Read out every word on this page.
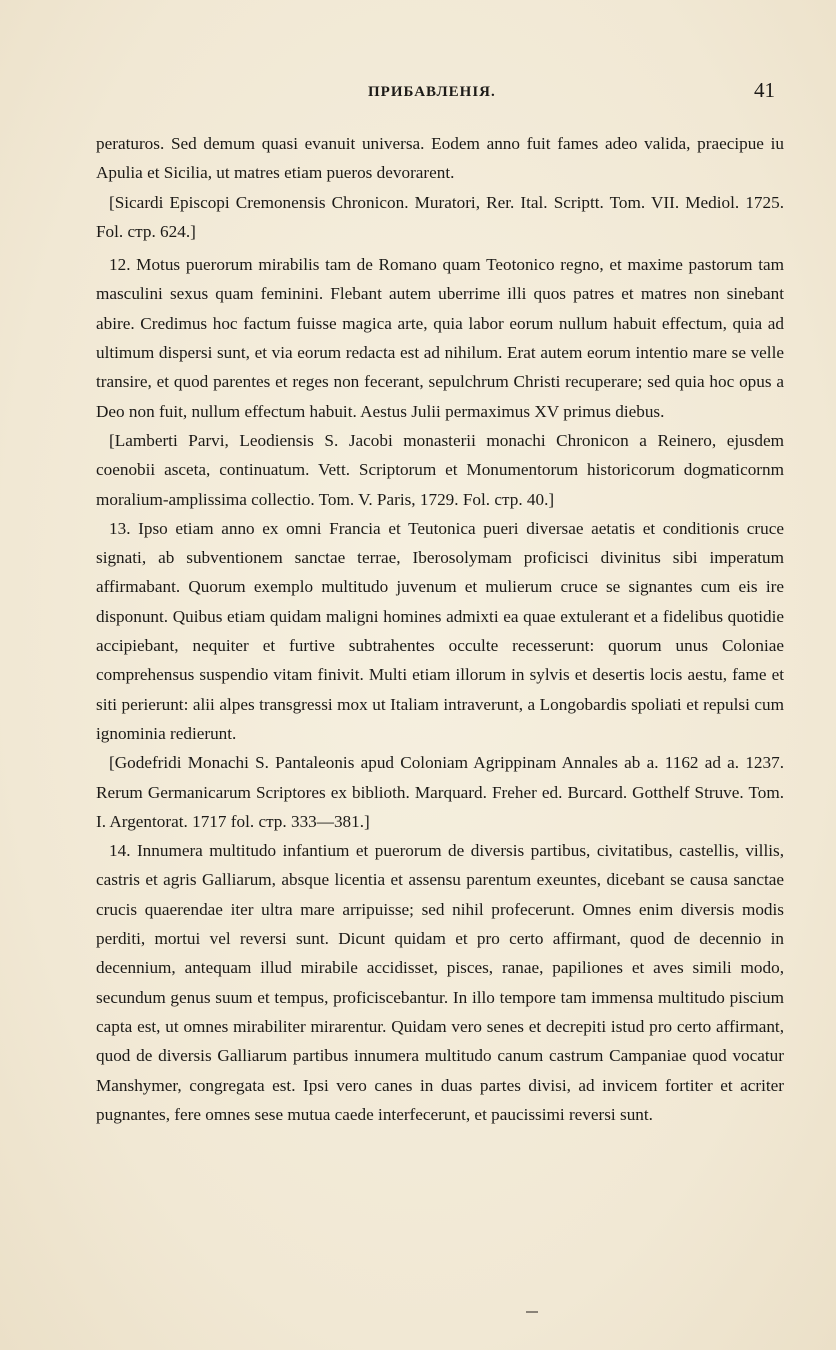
ПРИБАВЛЕНІЯ.	41

peraturos. Sed demum quasi evanuit universa. Eodem anno fuit fames adeo valida, praecipue iu Apulia et Sicilia, ut matres etiam pueros devorarent.

[Sicardi Episcopi Cremonensis Chronicon. Muratori, Rer. Ital. Scriptt. Tom. VII. Mediol. 1725. Fol. стр. 624.]

12. Motus puerorum mirabilis tam de Romano quam Teotonico regno, et maxime pastorum tam masculini sexus quam feminini. Flebant autem uberrime illi quos patres et matres non sinebant abire. Credimus hoc factum fuisse magica arte, quia labor eorum nullum habuit effectum, quia ad ultimum dispersi sunt, et via eorum redacta est ad nihilum. Erat autem eorum intentio mare se velle transire, et quod parentes et reges non fecerant, sepulchrum Christi recuperare; sed quia hoc opus a Deo non fuit, nullum effectum habuit. Aestus Julii permaximus XV primus diebus.

[Lamberti Parvi, Leodiensis S. Jacobi monasterii monachi Chronicon a Reinero, ejusdem coenobii asceta, continuatum. Vett. Scriptorum et Monumentorum historicorum dogmaticornm moralium-amplissima collectio. Tom. V. Paris, 1729. Fol. стр. 40.]

13. Ipso etiam anno ex omni Francia et Teutonica pueri diversae aetatis et conditionis cruce signati, ab subventionem sanctae terrae, Iberosolymam proficisci divinitus sibi imperatum affirmabant. Quorum exemplo multitudo juvenum et mulierum cruce se signantes cum eis ire disponunt. Quibus etiam quidam maligni homines admixti ea quae extulerant et a fidelibus quotidie accipiebant, nequiter et furtive subtrahentes occulte recesserunt: quorum unus Coloniae comprehensus suspendio vitam finivit. Multi etiam illorum in sylvis et desertis locis aestu, fame et siti perierunt: alii alpes transgressi mox ut Italiam intraverunt, a Longobardis spoliati et repulsi cum ignominia redierunt.

[Godefridi Monachi S. Pantaleonis apud Coloniam Agrippinam Annales ab a. 1162 ad a. 1237. Rerum Germanicarum Scriptores ex biblioth. Marquard. Freher ed. Burcard. Gotthelf Struve. Tom. I. Argentorat. 1717 fol. стр. 333—381.]

14. Innumera multitudo infantium et puerorum de diversis partibus, civitatibus, castellis, villis, castris et agris Galliarum, absque licentia et assensu parentum exeuntes, dicebant se causa sanctae crucis quaerendae iter ultra mare arripuisse; sed nihil profecerunt. Omnes enim diversis modis perditi, mortui vel reversi sunt. Dicunt quidam et pro certo affirmant, quod de decennio in decennium, antequam illud mirabile accidisset, pisces, ranae, papiliones et aves simili modo, secundum genus suum et tempus, proficiscebantur. In illo tempore tam immensa multitudo piscium capta est, ut omnes mirabiliter mirarentur. Quidam vero senes et decrepiti istud pro certo affirmant, quod de diversis Galliarum partibus innumera multitudo canum castrum Campaniae quod vocatur Manshymer, congregata est. Ipsi vero canes in duas partes divisi, ad invicem fortiter et acriter pugnantes, fere omnes sese mutua caede interfecerunt, et paucissimi reversi sunt.
